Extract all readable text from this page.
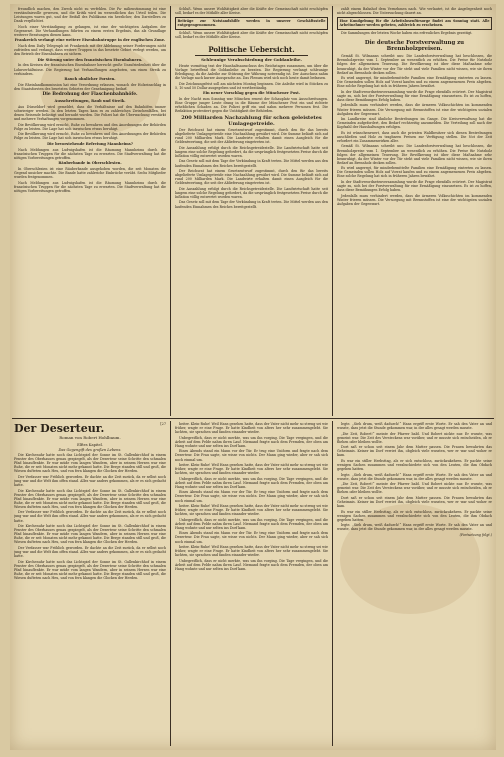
freundlich machen, den Zweck nicht zu verfehlen. Die Fa- milienstimmung ist eine verständnisvolle gewesen, und die Kritik wird im wesentlichen das Urteil teilen. Die Leistungen waren gut, und der Beifall des Publikums ein herzlicher, den Darstellern zu Dank verpflichtet.

Noch einer Verständigung zu gelangen, ist eine der wichtigsten Aufgaben der Gegenwart. Die Verhandlungen führten zu einem ersten Ergebnis, das als Grundlage weiterer Beratungen dienen kann.

Frankreich verlangt eine weitere Eisenbahntruppe in der englischen Zone.

Nach dem Daily Telegraph ist Frankreich mit der Ablehnung seiner Forderungen nicht zufrieden und verlangt, dass weitere Truppen in das besetzte Gebiet verlegt werden, um den Betrieb der Eisenbahnen zu sichern.

Die Störung unter den französischen Eisenbahnern.

In den Kreisen der französischen Eisenbahner herrscht große Unzufriedenheit über die Lohnverhältnisse. Die Regierung hat Verhandlungen angeboten, um einen Streik zu verhindern.

Rauch ohnlicher Forsten.

Die Rheinlandkommission hat eine Verordnung erlassen, wonach der Holzeinschlag in den Staatsforsten des besetzten Gebietes der Genehmigung bedarf.

Die Bedrohung der Flaschenbahnhöfe.

Ausschreitungen, Raub und Streik.

Aus Düsseldorf wird gemeldet, dass die Verhältnisse auf den Bahnhöfen immer schwieriger werden. In den letzten Tagen kam es zu zahlreichen Zwischenfällen, bei denen Reisende belästigt und beraubt wurden. Die Polizei hat die Überwachung verstärkt und mehrere Verhaftungen vorgenommen.

Die Bevölkerung wird ersucht, Ruhe zu bewahren und den Anordnungen der Behörden Folge zu leisten. Die Lage hat sich inzwischen etwas beruhigt.

Die Bevölkerung wird ersucht, Ruhe zu bewahren und den Anordnungen der Behörden Folge zu leisten. Die Lage hat sich inzwischen etwas beruhigt.

Die bevorstehende Befreiung Mannheims?

Nach Meldungen aus Ludwigshafen ist die Räumung Mannheims durch die französischen Truppen für die nächsten Tage zu erwarten. Die Stadtverwaltung hat die nötigen Vorbereitungen getroffen.

Räuberbande in Oberschlesien.

In Oberschlesien ist eine Räuberbande ausgehoben worden, die seit Monaten die Gegend unsicher machte. Die Bande hatte zahlreiche Einbrüche verübt. Sechs Mitglieder wurden festgenommen.

Nach Meldungen aus Ludwigshafen ist die Räumung Mannheims durch die französischen Truppen für die nächsten Tage zu erwarten. Die Stadtverwaltung hat die nötigen Vorbereitungen getroffen.

Schluß. Wenn unsere Wohltätigkeit aber die Kräfte der Gemeinschaft nicht erschöpfen soll, bedarf es der Mithilfe aller Kreise.

Beiträge zur Notstandshilfe werden in unserer Geschäftsstelle entgegengenommen.

Schluß. Wenn unsere Wohltätigkeit aber die Kräfte der Gemeinschaft nicht erschöpfen soll, bedarf es der Mithilfe aller Kreise.

Politische Uebersicht.

Schleunige Verabschiedung der Goldanleihe.

Heute vormittag trat der Haushaltsausschuss des Reichstages zusammen, um über die Vorlage betreffend die Goldanleihe zu beraten. Die Regierung verlangt schleunige Erledigung, da die Anleihe zur Stützung der Währung notwendig ist. Der Ausschuss nahm die Vorlage nach kurzer Aussprache an. Das Plenum wird sich noch heute damit befassen.

Die Zeichnungsfrist soll am nächsten Montag beginnen. Die Anleihe wird in Stücken zu 5, 10 und 50 Dollar ausgegeben und ist wertbeständig.

Ein neuer Vorschlag gegen die Münchener Post.

In der Nacht zum Sonntag war München erneut der Schauplatz von Ausschreitungen. Eine Gruppe junger Leute drang in die Räume der Münchener Post ein und richtete erheblichen Schaden an. Die Polizei griff ein und nahm mehrere Personen fest. Die Redaktion protestiert gegen die Untätigkeit der Behörden.

200 Milliarden Nachzahlung für schon geleistetes Umlagegetreide.

Der Reichsrat hat einem Gesetzentwurf zugestimmt, durch den für das bereits abgelieferte Umlagegetreide eine Nachzahlung gewährt wird. Die Summe beläuft sich auf rund 200 Milliarden Mark. Die Landwirte erhalten damit einen Ausgleich für die Geldentwertung, die seit der Ablieferung eingetreten ist.

Die Auszahlung erfolgt durch die Reichsgetreidestelle. Die Landwirtschaft hatte seit langem eine solche Regelung gefordert, da die ursprünglich festgesetzten Preise durch die Inflation völlig entwertet worden waren.

Das Gesetz soll mit dem Tage der Verkündung in Kraft treten. Die Mittel werden aus den laufenden Einnahmen des Reiches bereitgestellt.

Der Reichsrat hat einem Gesetzentwurf zugestimmt, durch den für das bereits abgelieferte Umlagegetreide eine Nachzahlung gewährt wird. Die Summe beläuft sich auf rund 200 Milliarden Mark. Die Landwirte erhalten damit einen Ausgleich für die Geldentwertung, die seit der Ablieferung eingetreten ist.

Die Auszahlung erfolgt durch die Reichsgetreidestelle. Die Landwirtschaft hatte seit langem eine solche Regelung gefordert, da die ursprünglich festgesetzten Preise durch die Inflation völlig entwertet worden waren.

Das Gesetz soll mit dem Tage der Verkündung in Kraft treten. Die Mittel werden aus den laufenden Einnahmen des Reiches bereitgestellt.

zahlt einem Bahnhof dem Vernehmen nach. Wie verlautet, ist die Angelegenheit noch nicht abgeschlossen. Die Untersuchung dauert an.

Eine Kundgebung für die Arbeitslosenfürsorge findet am Sonntag statt. Alle Arbeitnehmer werden gebeten, zahlreich zu erscheinen.

Die Sammlungen der letzten Woche haben ein erfreuliches Ergebnis gezeitigt.

Die deutsche Forstverwaltung zu Brennholzpreisen.

Gemäß St. Wilmanns schreibt uns: Die Landesforstverwaltung hat beschlossen, die Brennholzpreise vom 1. September an wesentlich zu erhöhen. Die Preise für Nutzholz folgen der allgemeinen Teuerung. Die Bevölkerung ist über diese Maßnahme sehr beunruhigt, da der Winter vor der Tür steht und viele Familien nicht wissen, wie sie ihren Bedarf an Brennholz decken sollen.

Es wird angeregt, für minderbemittelte Familien eine Ermäßigung eintreten zu lassen. Die Gemeinden sollen Holz auf Vorrat kaufen und zu einem angemessenen Preis abgeben. Eine solche Regelung hat sich in früheren Jahren bewährt.

In der Stadtverordnetenversammlung wurde die Frage ebenfalls erörtert. Der Magistrat sagte zu, sich bei der Forstverwaltung für eine Ermäßigung einzusetzen. Es ist zu hoffen, dass diese Bemühungen Erfolg haben.

Jedenfalls muss verhindert werden, dass die ärmeren Volksschichten im kommenden Winter frieren müssen. Die Versorgung mit Brennstoffen ist eine der wichtigsten sozialen Aufgaben der Gegenwart.

Im Landkreise sind ähnliche Bestrebungen im Gange. Die Kreisverwaltung hat die Gemeinden aufgefordert, den Bedarf rechtzeitig anzumelden. Die Verteilung soll nach der Kopfzahl der Haushaltungen erfolgen.

Es ist wünschenswert, dass auch die privaten Waldbesitzer sich diesen Bestrebungen anschließen und Holz zu tragbaren Preisen zur Verfügung stellen. Die Not der Zeit erfordert ein Zusammenwirken aller.

Gemäß St. Wilmanns schreibt uns: Die Landesforstverwaltung hat beschlossen, die Brennholzpreise vom 1. September an wesentlich zu erhöhen. Die Preise für Nutzholz folgen der allgemeinen Teuerung. Die Bevölkerung ist über diese Maßnahme sehr beunruhigt, da der Winter vor der Tür steht und viele Familien nicht wissen, wie sie ihren Bedarf an Brennholz decken sollen.

Es wird angeregt, für minderbemittelte Familien eine Ermäßigung eintreten zu lassen. Die Gemeinden sollen Holz auf Vorrat kaufen und zu einem angemessenen Preis abgeben. Eine solche Regelung hat sich in früheren Jahren bewährt.

In der Stadtverordnetenversammlung wurde die Frage ebenfalls erörtert. Der Magistrat sagte zu, sich bei der Forstverwaltung für eine Ermäßigung einzusetzen. Es ist zu hoffen, dass diese Bemühungen Erfolg haben.

Jedenfalls muss verhindert werden, dass die ärmeren Volksschichten im kommenden Winter frieren müssen. Die Versorgung mit Brennstoffen ist eine der wichtigsten sozialen Aufgaben der Gegenwart.

[27
Der Deserteur.
Roman von Robert Hohlbaum.
Elftes Kapitel.
Das Gegengift des großen Lebens.

Die Kirchenuhr hatte noch das Lichtspiel der Sonne im St. Gallenkirchhof in einem Fenster des Oberhauses genau gespiegelt, als der Deserteur seine Schritte den schmalen Pfad hinauflenkte. Er war müde vom langen Wandern, aber in seinem Herzen war eine Ruhe, die er seit Monaten nicht mehr gekannt hatte. Die Berge standen still und groß, die Wiesen dufteten nach Heu, und von fern klangen die Glocken der Herden.

Der Verfasser war Fröhlich geworden. Er dachte an die Zeit zurück, da er selbst noch jung war und die Welt ihm offen stand. Alles war anders gekommen, als er es sich gedacht hatte.

Die Kirchenuhr hatte noch das Lichtspiel der Sonne im St. Gallenkirchhof in einem Fenster des Oberhauses genau gespiegelt, als der Deserteur seine Schritte den schmalen Pfad hinauflenkte. Er war müde vom langen Wandern, aber in seinem Herzen war eine Ruhe, die er seit Monaten nicht mehr gekannt hatte. Die Berge standen still und groß, die Wiesen dufteten nach Heu, und von fern klangen die Glocken der Herden.

Der Verfasser war Fröhlich geworden. Er dachte an die Zeit zurück, da er selbst noch jung war und die Welt ihm offen stand. Alles war anders gekommen, als er es sich gedacht hatte.

Die Kirchenuhr hatte noch das Lichtspiel der Sonne im St. Gallenkirchhof in einem Fenster des Oberhauses genau gespiegelt, als der Deserteur seine Schritte den schmalen Pfad hinauflenkte. Er war müde vom langen Wandern, aber in seinem Herzen war eine Ruhe, die er seit Monaten nicht mehr gekannt hatte. Die Berge standen still und groß, die Wiesen dufteten nach Heu, und von fern klangen die Glocken der Herden.

Der Verfasser war Fröhlich geworden. Er dachte an die Zeit zurück, da er selbst noch jung war und die Welt ihm offen stand. Alles war anders gekommen, als er es sich gedacht hatte.

Die Kirchenuhr hatte noch das Lichtspiel der Sonne im St. Gallenkirchhof in einem Fenster des Oberhauses genau gespiegelt, als der Deserteur seine Schritte den schmalen Pfad hinauflenkte. Er war müde vom langen Wandern, aber in seinem Herzen war eine Ruhe, die er seit Monaten nicht mehr gekannt hatte. Die Berge standen still und groß, die Wiesen dufteten nach Heu, und von fern klangen die Glocken der Herden.

heiter. Klein-Ruhe! Weil Hans gesehen hatte, dass der Vater nicht mehr so streng sei wie früher, wagte er eine Frage. Er hatte Kindheit von alters her sehr zusammengelebt. Sie lachten, sie sprachen und fanden einander wieder.

Unbegreiflich, dass er nicht merkte, was um ihn vorging. Die Tage vergingen, und die Arbeit auf dem Felde nahm ihren Lauf. Niemand fragte nach dem Fremden, der oben am Hang wohnte und nur selten ins Dorf kam.

Eines Abends stand ein Mann vor der Tür. Er trug eine Uniform und fragte nach dem Deserteur. Die Frau sagte, sie wisse von nichts. Der Mann ging wieder, aber er sah sich noch einmal um.

heiter. Klein-Ruhe! Weil Hans gesehen hatte, dass der Vater nicht mehr so streng sei wie früher, wagte er eine Frage. Er hatte Kindheit von alters her sehr zusammengelebt. Sie lachten, sie sprachen und fanden einander wieder.

Unbegreiflich, dass er nicht merkte, was um ihn vorging. Die Tage vergingen, und die Arbeit auf dem Felde nahm ihren Lauf. Niemand fragte nach dem Fremden, der oben am Hang wohnte und nur selten ins Dorf kam.

Eines Abends stand ein Mann vor der Tür. Er trug eine Uniform und fragte nach dem Deserteur. Die Frau sagte, sie wisse von nichts. Der Mann ging wieder, aber er sah sich noch einmal um.

heiter. Klein-Ruhe! Weil Hans gesehen hatte, dass der Vater nicht mehr so streng sei wie früher, wagte er eine Frage. Er hatte Kindheit von alters her sehr zusammengelebt. Sie lachten, sie sprachen und fanden einander wieder.

Unbegreiflich, dass er nicht merkte, was um ihn vorging. Die Tage vergingen, und die Arbeit auf dem Felde nahm ihren Lauf. Niemand fragte nach dem Fremden, der oben am Hang wohnte und nur selten ins Dorf kam.

Eines Abends stand ein Mann vor der Tür. Er trug eine Uniform und fragte nach dem Deserteur. Die Frau sagte, sie wisse von nichts. Der Mann ging wieder, aber er sah sich noch einmal um.

heiter. Klein-Ruhe! Weil Hans gesehen hatte, dass der Vater nicht mehr so streng sei wie früher, wagte er eine Frage. Er hatte Kindheit von alters her sehr zusammengelebt. Sie lachten, sie sprachen und fanden einander wieder.

Unbegreiflich, dass er nicht merkte, was um ihn vorging. Die Tage vergingen, und die Arbeit auf dem Felde nahm ihren Lauf. Niemand fragte nach dem Fremden, der oben am Hang wohnte und nur selten ins Dorf kam.

legte. „Sieh drum, weiß dadurch!“ Hans ergriff erste Worte. Er sah den Vater an und wusste, dass jetzt die Stunde gekommen war, in der alles gesagt werden musste.

„Die Zeit, Robert!“ meinte der Pfarrer bald. Und Robert nickte nur. Er wusste, was gemeint war. Die Zeit des Versteckens war vorüber, und er musste sich entscheiden, ob er fliehen oder bleiben wollte.

Dort saß er schon seit einem Jahr dem Mutter passen. Die Frauen bewahrten das Geheimnis. Keiner im Dorf verriet ihn, obgleich viele wussten, wer er war und woher er kam.

Es war ein stiller Herbsttag, als er sich entschloss, zurückzukehren. Er packte seine wenigen Sachen zusammen und verabschiedete sich von den Leuten, die ihm Obdach gegeben hatten.

legte. „Sieh drum, weiß dadurch!“ Hans ergriff erste Worte. Er sah den Vater an und wusste, dass jetzt die Stunde gekommen war, in der alles gesagt werden musste.

„Die Zeit, Robert!“ meinte der Pfarrer bald. Und Robert nickte nur. Er wusste, was gemeint war. Die Zeit des Versteckens war vorüber, und er musste sich entscheiden, ob er fliehen oder bleiben wollte.

Dort saß er schon seit einem Jahr dem Mutter passen. Die Frauen bewahrten das Geheimnis. Keiner im Dorf verriet ihn, obgleich viele wussten, wer er war und woher er kam.

Es war ein stiller Herbsttag, als er sich entschloss, zurückzukehren. Er packte seine wenigen Sachen zusammen und verabschiedete sich von den Leuten, die ihm Obdach gegeben hatten.

legte. „Sieh drum, weiß dadurch!“ Hans ergriff erste Worte. Er sah den Vater an und wusste, dass jetzt die Stunde gekommen war, in der alles gesagt werden musste.

(Fortsetzung folgt.)
